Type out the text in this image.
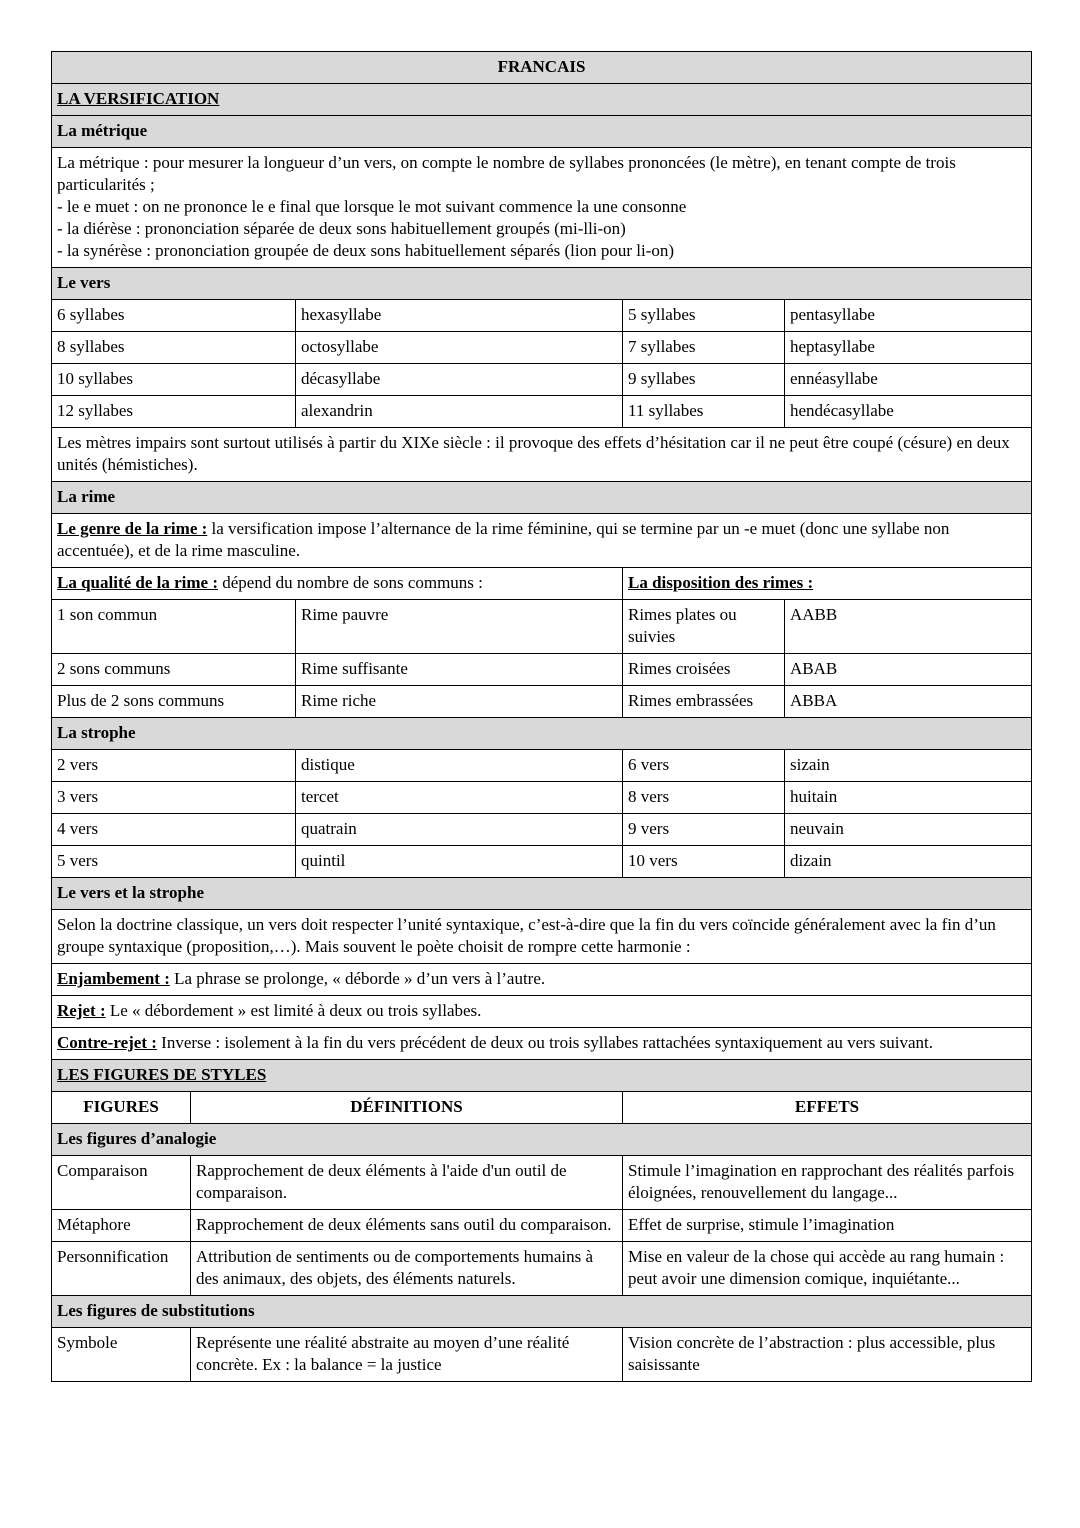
FRANCAIS				
LA VERSIFICATION				
La métrique				

La métrique : pour mesurer la longueur d’un vers, on compte le nombre de syllabes prononcées (le mètre), en tenant compte de trois particularités ;
- le e muet : on ne prononce le e final que lorsque le mot suivant commence la une consonne
- la diérèse : prononciation séparée de deux sons habituellement groupés (mi-lli-on)
- la synérèse : prononciation groupée de deux sons habituellement séparés (lion pour li-on)				

Le vers				
6 syllabes		hexasyllabe	5 syllabes	pentasyllabe
8 syllabes		octosyllabe	7 syllabes	heptasyllabe
10 syllabes		décasyllabe	9 syllabes	ennéasyllabe
12 syllabes		alexandrin	11 syllabes	hendécasyllabe
Les mètres impairs sont surtout utilisés à partir du XIXe siècle : il provoque des effets d’hésitation car il ne peut être coupé (césure) en deux unités (hémistiches).				
La rime				
Le genre de la rime : la versification impose l’alternance de la rime féminine, qui se termine par un -e muet (donc une syllabe non accentuée), et de la rime masculine.				
La qualité de la rime : dépend du nombre de sons communs :			La disposition des rimes :	
1 son commun		Rime pauvre	Rimes plates ou suivies	AABB
2 sons communs		Rime suffisante	Rimes croisées	ABAB
Plus de 2 sons communs		Rime riche	Rimes embrassées	ABBA
La strophe				
2 vers		distique	6 vers	sizain
3 vers		tercet	8 vers	huitain
4 vers		quatrain	9 vers	neuvain
5 vers		quintil	10 vers	dizain
Le vers et la strophe				
Selon la doctrine classique, un vers doit respecter l’unité syntaxique, c’est-à-dire que la fin du vers coïncide généralement avec la fin d’un groupe syntaxique (proposition,…). Mais souvent le poète choisit de rompre cette harmonie :				
Enjambement : La phrase se prolonge, « déborde » d’un vers à l’autre.				
Rejet : Le « débordement » est limité à deux ou trois syllabes.				
Contre-rejet : Inverse : isolement à la fin du vers précédent de deux ou trois syllabes rattachées syntaxiquement au vers suivant.				
LES FIGURES DE STYLES				
FIGURES	DÉFINITIONS		EFFETS	
Les figures d’analogie				
Comparaison	Rapprochement de deux éléments à l'aide d'un outil de comparaison.		Stimule l’imagination en rapprochant des réalités parfois éloignées, renouvellement du langage...	
Métaphore	Rapprochement de deux éléments sans outil du comparaison.		Effet de surprise, stimule l’imagination	
Personnification	Attribution de sentiments ou de comportements humains à des animaux, des objets, des éléments naturels.		Mise en valeur de la chose qui accède au rang humain : peut avoir une dimension comique, inquiétante...	
Les figures de substitutions				
Symbole	Représente une réalité abstraite au moyen d’une réalité concrète. Ex : la balance = la justice		Vision concrète de l’abstraction : plus accessible, plus saisissante	
